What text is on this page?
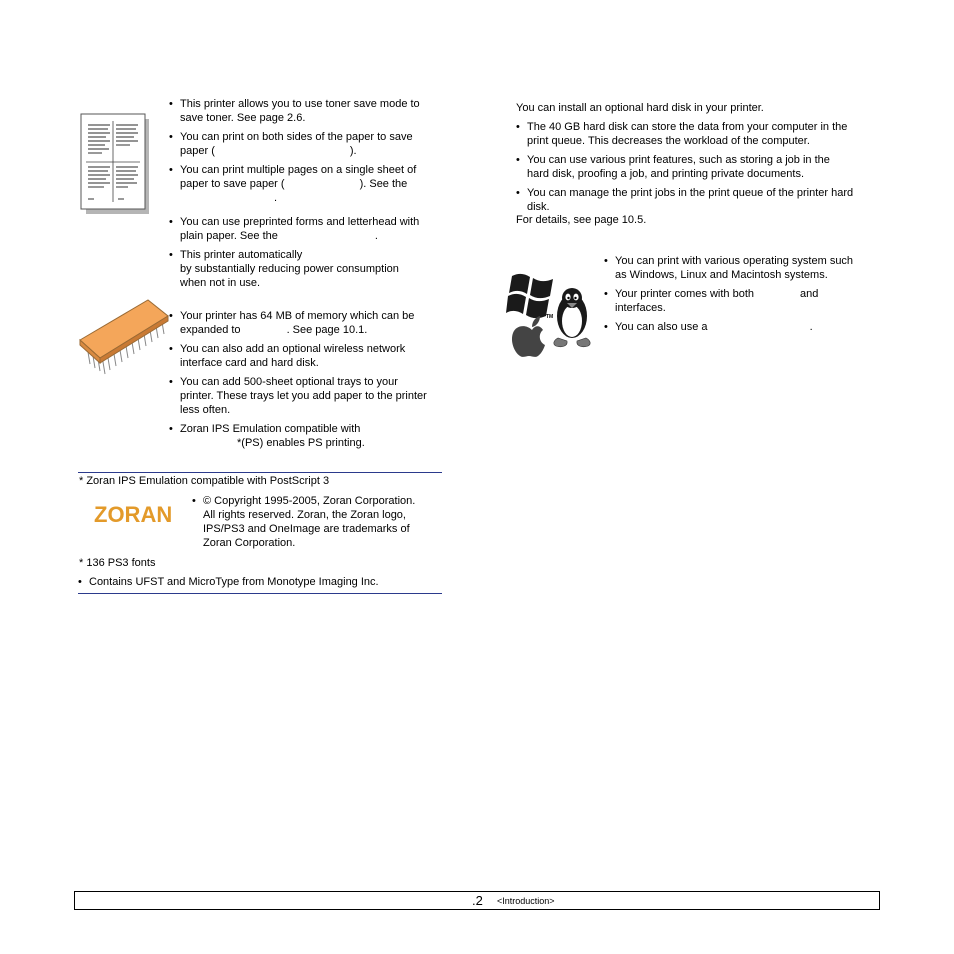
• This printer allows you to use toner save mode to
save toner. See page 2.6.
• You can print on both sides of the paper to save
paper (	).
• You can print multiple pages on a single sheet of
paper to save paper (	). See the
.
• You can use preprinted forms and letterhead with
plain paper. See the	.
• This printer automatically
by substantially reducing power consumption
when not in use.
• Your printer has 64 MB of memory which can be
expanded to	. See page 10.1.
• You can also add an optional wireless network
interface card and hard disk.
• You can add 500-sheet optional trays to your
printer. These trays let you add paper to the printer
less often.
• Zoran IPS Emulation compatible with
*(PS) enables PS printing.
* Zoran IPS Emulation compatible with PostScript 3
ZORAN
• © Copyright 1995-2005, Zoran Corporation.
All rights reserved. Zoran, the Zoran logo,
IPS/PS3 and OneImage are trademarks of
Zoran Corporation.
* 136 PS3 fonts
• Contains UFST and MicroType from Monotype Imaging Inc.
You can install an optional hard disk in your printer.
• The 40 GB hard disk can store the data from your computer in the
print queue. This decreases the workload of the computer.
• You can use various print features, such as storing a job in the
hard disk, proofing a job, and printing private documents.
• You can manage the print jobs in the print queue of the printer hard
disk.
For details, see page 10.5.
TM
• You can print with various operating system such
as Windows, Linux and Macintosh systems.
• Your printer comes with both	and
interfaces.
• You can also use a	.
.2 <Introduction>
